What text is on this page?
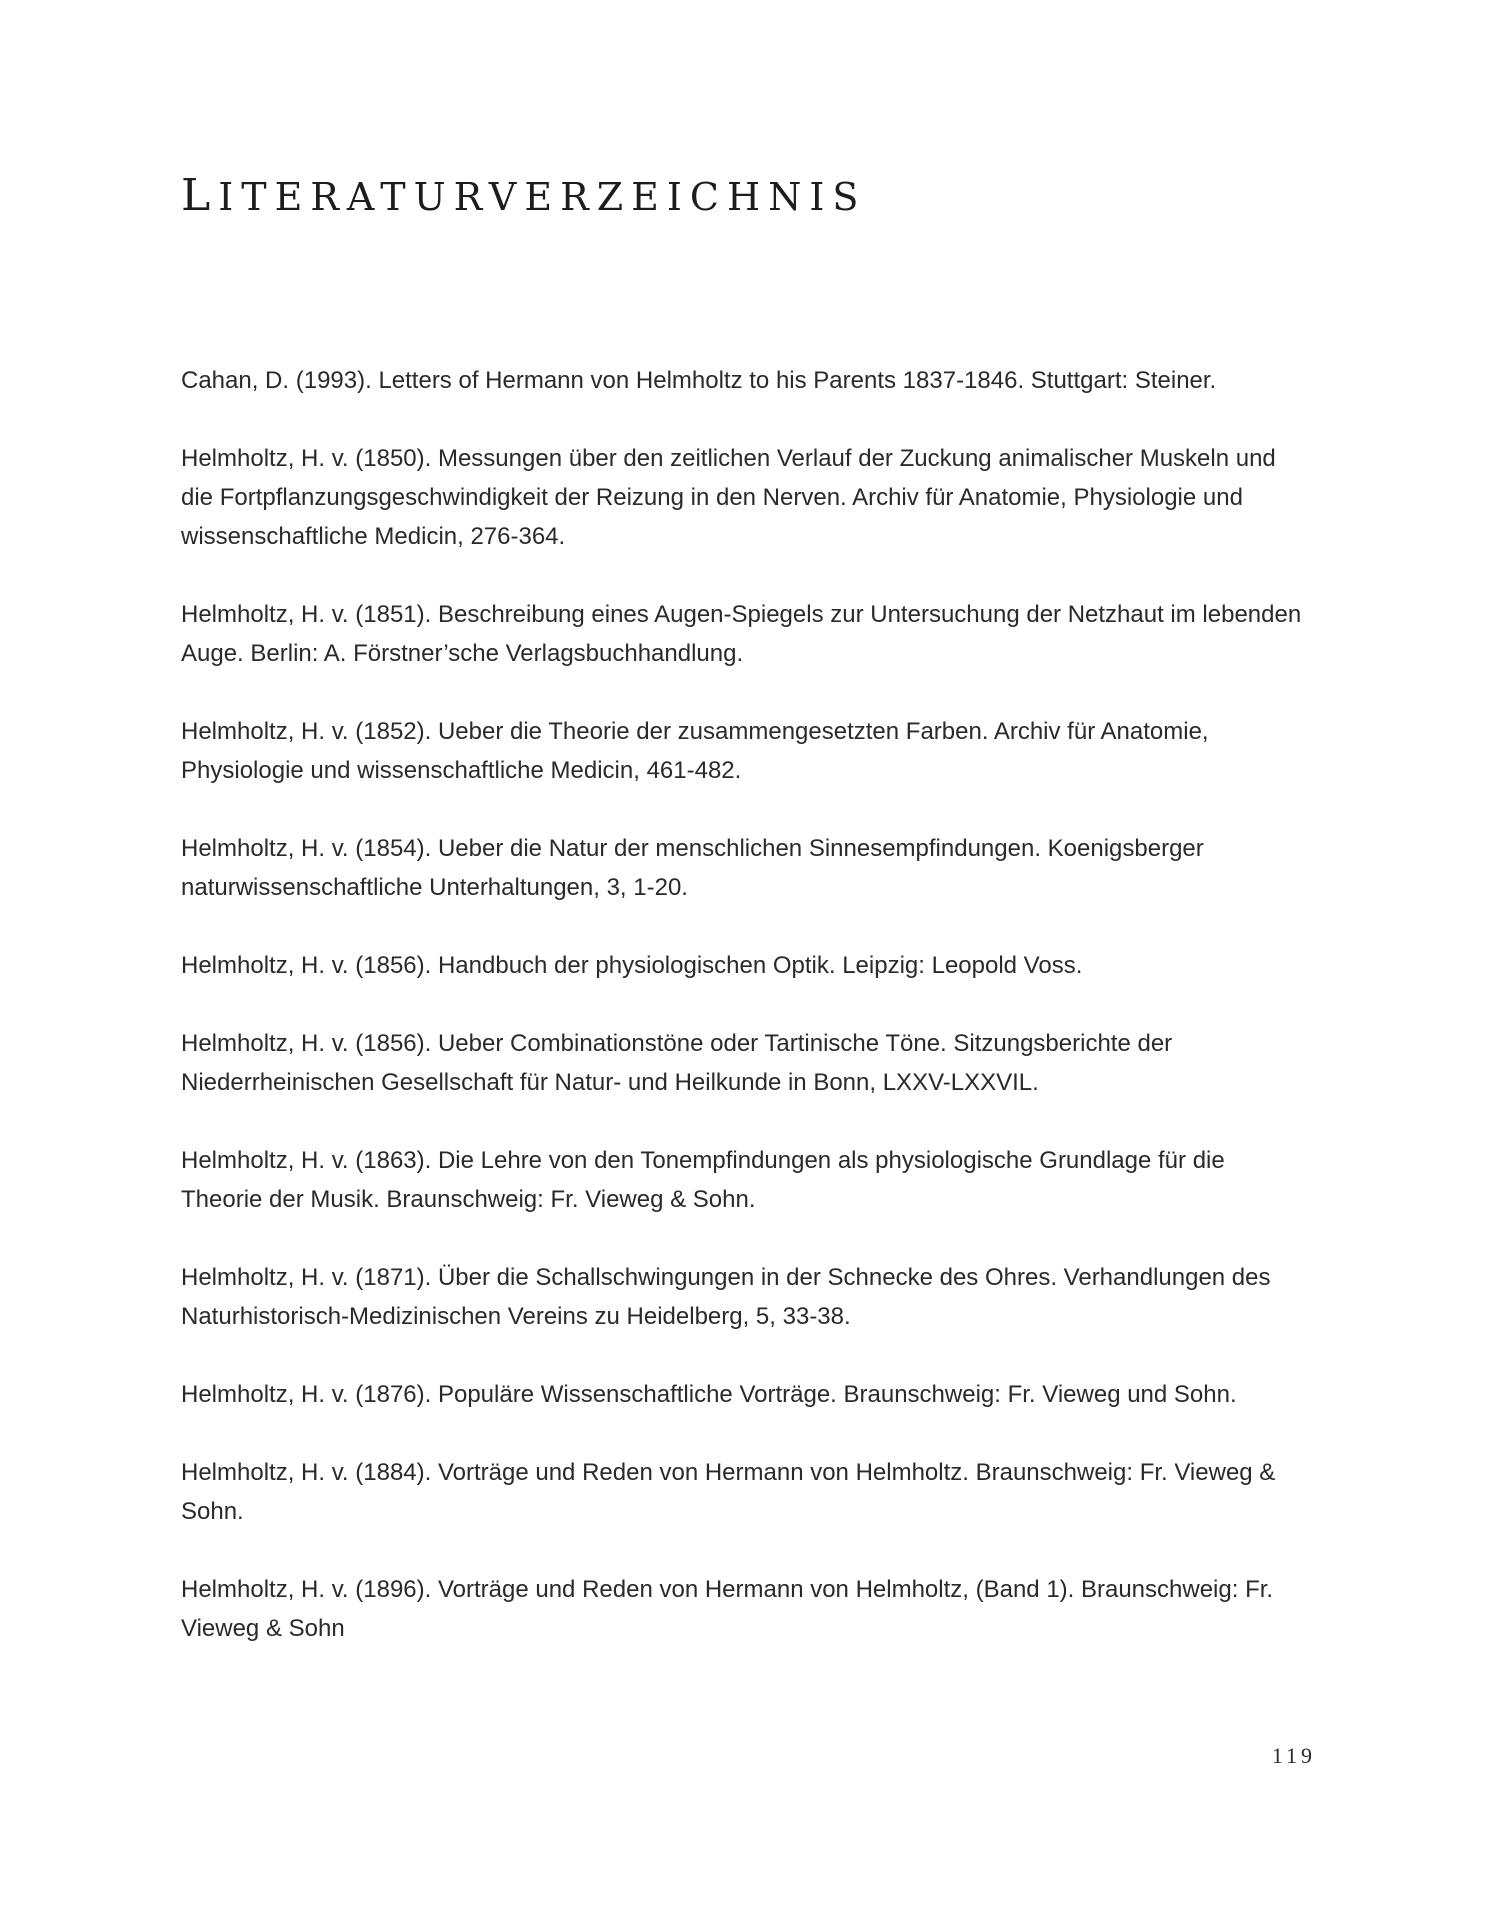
LITERATURVERZEICHNIS
Cahan, D. (1993). Letters of Hermann von Helmholtz to his Parents 1837-1846. Stuttgart: Steiner.
Helmholtz, H. v. (1850). Messungen über den zeitlichen Verlauf der Zuckung animalischer Muskeln und die Fortpflanzungsgeschwindigkeit der Reizung in den Nerven. Archiv für Anatomie, Physiologie und wissenschaftliche Medicin, 276-364.
Helmholtz, H. v. (1851). Beschreibung eines Augen-Spiegels zur Untersuchung der Netzhaut im lebenden Auge. Berlin: A. Förstner’sche Verlagsbuchhandlung.
Helmholtz, H. v. (1852). Ueber die Theorie der zusammengesetzten Farben. Archiv für Anatomie, Physiologie und wissenschaftliche Medicin, 461-482.
Helmholtz, H. v. (1854). Ueber die Natur der menschlichen Sinnesempfindungen. Koenigsberger naturwissenschaftliche Unterhaltungen, 3, 1-20.
Helmholtz, H. v. (1856). Handbuch der physiologischen Optik. Leipzig: Leopold Voss.
Helmholtz, H. v. (1856). Ueber Combinationstöne oder Tartinische Töne. Sitzungsberichte der Niederrheinischen Gesellschaft für Natur- und Heilkunde in Bonn, LXXV-LXXVIL.
Helmholtz, H. v. (1863). Die Lehre von den Tonempfindungen als physiologische Grundlage für die Theorie der Musik. Braunschweig: Fr. Vieweg & Sohn.
Helmholtz, H. v. (1871). Über die Schallschwingungen in der Schnecke des Ohres. Verhandlungen des Naturhistorisch-Medizinischen Vereins zu Heidelberg, 5, 33-38.
Helmholtz, H. v. (1876). Populäre Wissenschaftliche Vorträge. Braunschweig: Fr. Vieweg und Sohn.
Helmholtz, H. v. (1884). Vorträge und Reden von Hermann von Helmholtz. Braunschweig: Fr. Vieweg & Sohn.
Helmholtz, H. v. (1896). Vorträge und Reden von Hermann von Helmholtz, (Band 1). Braunschweig: Fr. Vieweg & Sohn
119
